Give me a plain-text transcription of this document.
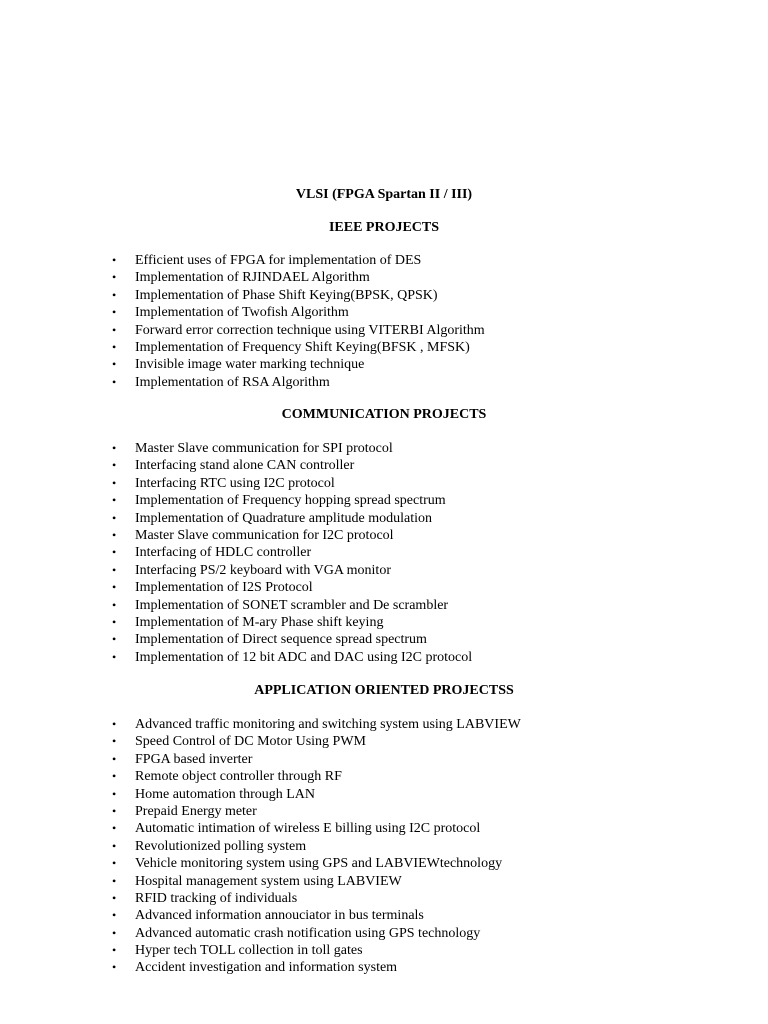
VLSI (FPGA Spartan II / III)
IEEE PROJECTS
• Efficient uses of FPGA for implementation of DES
• Implementation of RJINDAEL Algorithm
• Implementation of Phase Shift Keying(BPSK, QPSK)
• Implementation of Twofish Algorithm
• Forward error correction technique using VITERBI Algorithm
• Implementation of Frequency Shift Keying(BFSK , MFSK)
• Invisible image water marking technique
• Implementation of RSA Algorithm
COMMUNICATION PROJECTS
• Master Slave communication for SPI protocol
• Interfacing stand alone CAN controller
• Interfacing RTC using I2C protocol
• Implementation of Frequency hopping spread spectrum
• Implementation of Quadrature amplitude modulation
• Master Slave communication for I2C protocol
• Interfacing of HDLC controller
• Interfacing PS/2 keyboard with VGA monitor
• Implementation of I2S Protocol
• Implementation of SONET scrambler and De scrambler
• Implementation of M-ary Phase shift keying
• Implementation of Direct sequence spread spectrum
• Implementation of 12 bit ADC and DAC using I2C protocol
APPLICATION ORIENTED PROJECTSS
• Advanced traffic monitoring and switching system using LABVIEW
• Speed Control of DC Motor Using PWM
• FPGA based inverter
• Remote object controller through RF
• Home automation through LAN
• Prepaid Energy meter
• Automatic intimation of wireless E billing using I2C protocol
• Revolutionized polling system
• Vehicle monitoring system using GPS and LABVIEWtechnology
• Hospital management system using LABVIEW
• RFID tracking of individuals
• Advanced information annouciator in bus terminals
• Advanced automatic crash notification using GPS technology
• Hyper tech TOLL collection in toll gates
• Accident investigation and information system
